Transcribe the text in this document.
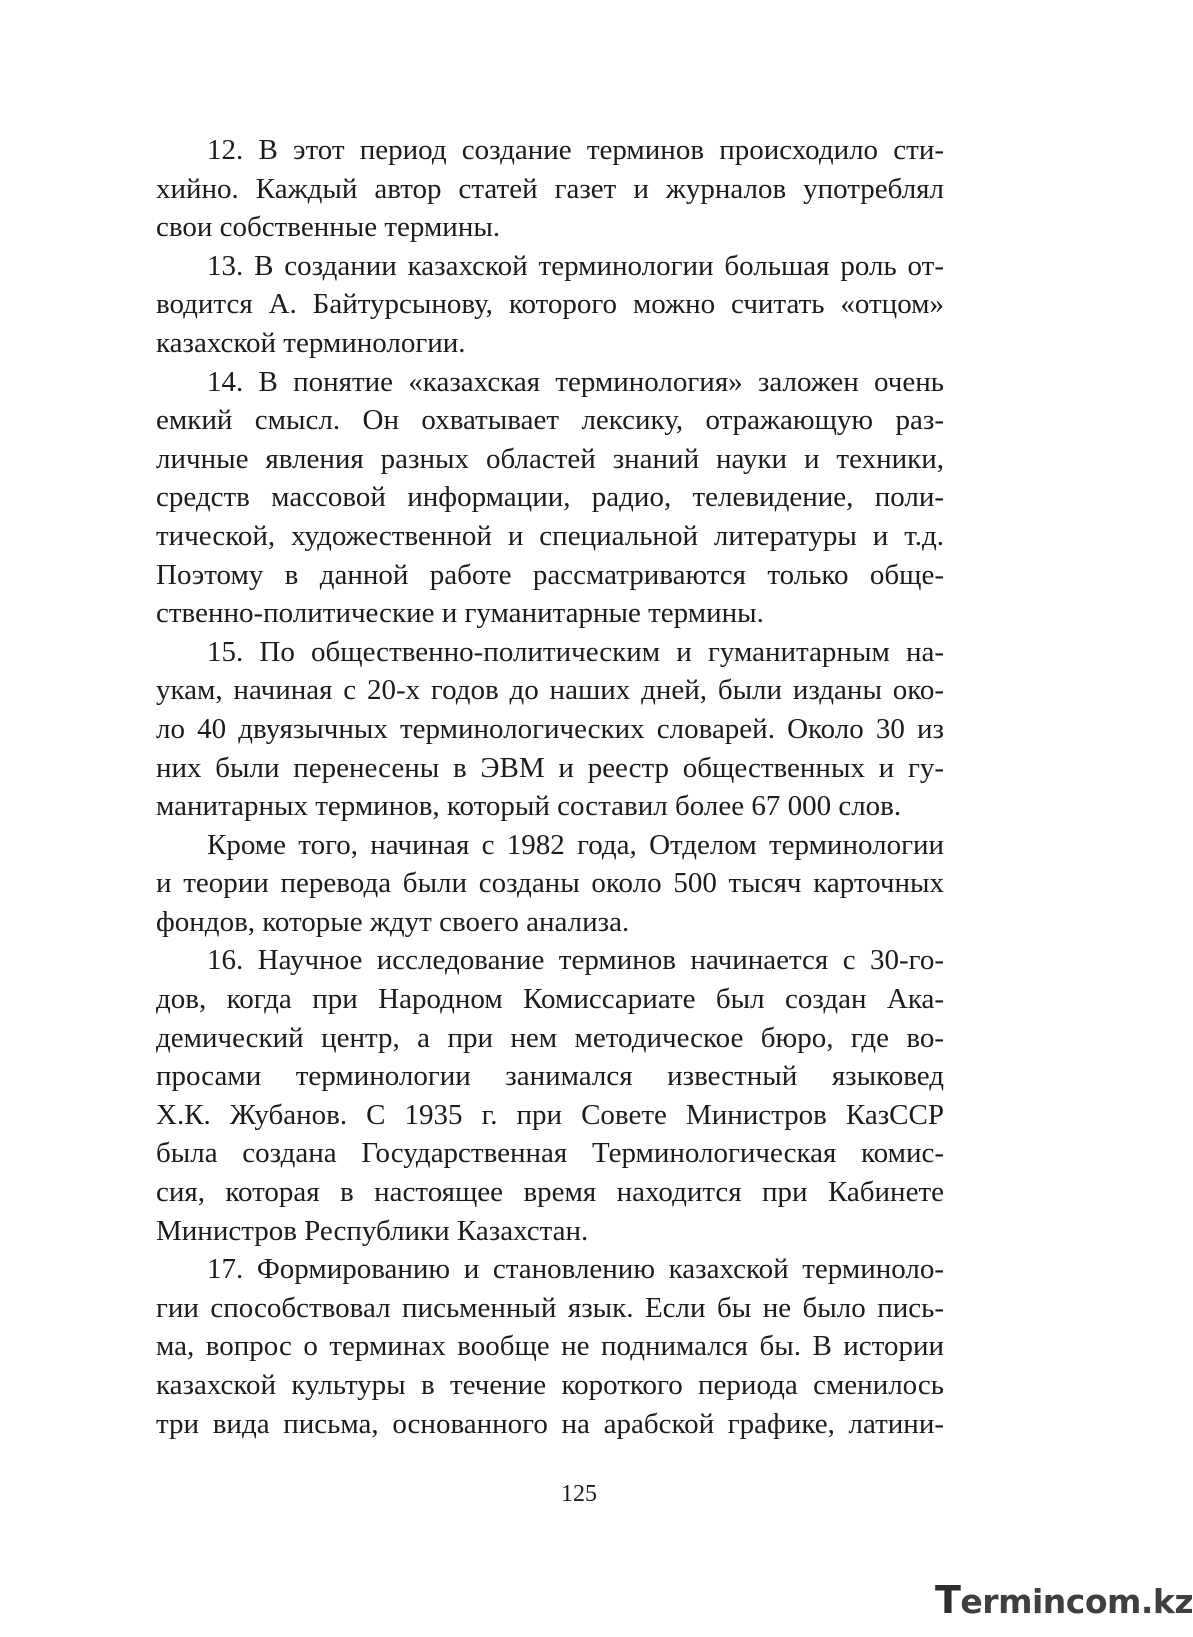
12. В этот период создание терминов происходило сти-
хийно. Каждый автор статей газет и журналов употреблял
свои собственные термины.
13. В создании казахской терминологии большая роль от-
водится А. Байтурсынову, которого можно считать «отцом»
казахской терминологии.
14. В понятие «казахская терминология» заложен очень
емкий смысл. Он охватывает лексику, отражающую раз-
личные явления разных областей знаний науки и техники,
средств массовой информации, радио, телевидение, поли-
тической, художественной и специальной литературы и т.д.
Поэтому в данной работе рассматриваются только обще-
ственно-политические и гуманитарные термины.
15. По общественно-политическим и гуманитарным на-
укам, начиная с 20-х годов до наших дней, были изданы око-
ло 40 двуязычных терминологических словарей. Около 30 из
них были перенесены в ЭВМ и реестр общественных и гу-
манитарных терминов, который составил более 67 000 слов.
Кроме того, начиная с 1982 года, Отделом терминологии
и теории перевода были созданы около 500 тысяч карточных
фондов, которые ждут своего анализа.
16. Научное исследование терминов начинается с 30-го-
дов, когда при Народном Комиссариате был создан Ака-
демический центр, а при нем методическое бюро, где во-
просами терминологии занимался известный языковед
Х.К. Жубанов. С 1935 г. при Совете Министров КазССР
была создана Государственная Терминологическая комис-
сия, которая в настоящее время находится при Кабинете
Министров Республики Казахстан.
17. Формированию и становлению казахской терминоло-
гии способствовал письменный язык. Если бы не было пись-
ма, вопрос о терминах вообще не поднимался бы. В истории
казахской культуры в течение короткого периода сменилось
три вида письма, основанного на арабской графике, латини-
125
Termincom.kz
